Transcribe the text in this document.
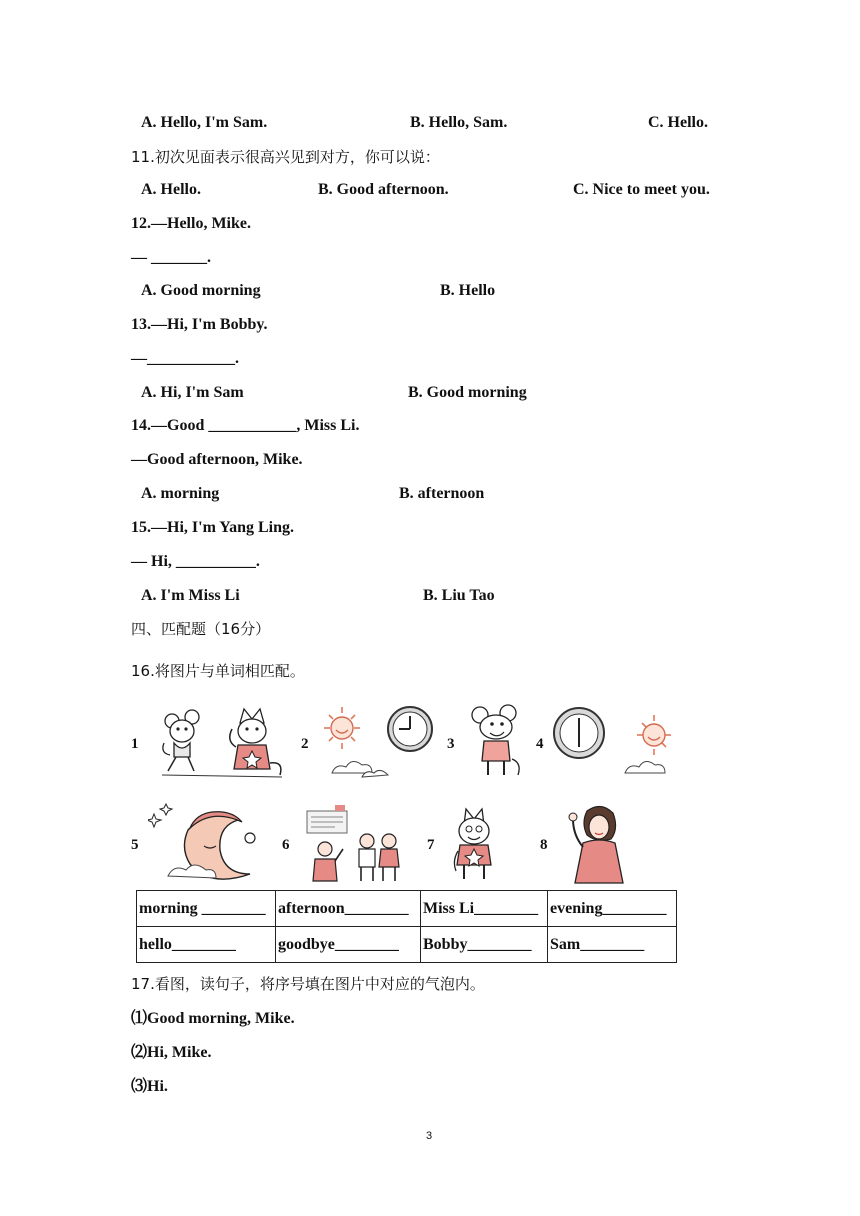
A. Hello, I'm Sam.	B. Hello, Sam.	C. Hello.
11.初次见面表示很高兴见到对方，你可以说：
A. Hello.	B. Good afternoon.	C. Nice to meet you.
12.—Hello, Mike.
— _______.
A. Good morning	B. Hello
13.—Hi, I'm Bobby.
—___________.
A. Hi, I'm Sam	B. Good morning
14.—Good ___________, Miss Li.
—Good afternoon, Mike.
A. morning	B. afternoon
15.—Hi, I'm Yang Ling.
— Hi, __________.
A. I'm Miss Li	B. Liu Tao
四、匹配题（16分）
16.将图片与单词相匹配。
1	2	3	4
5	6	7	8
morning ________	afternoon________	Miss Li________	evening________
hello________	goodbye________	Bobby________	Sam________
17.看图，读句子，将序号填在图片中对应的气泡内。
⑴Good morning, Mike.
⑵Hi, Mike.
⑶Hi.
3
